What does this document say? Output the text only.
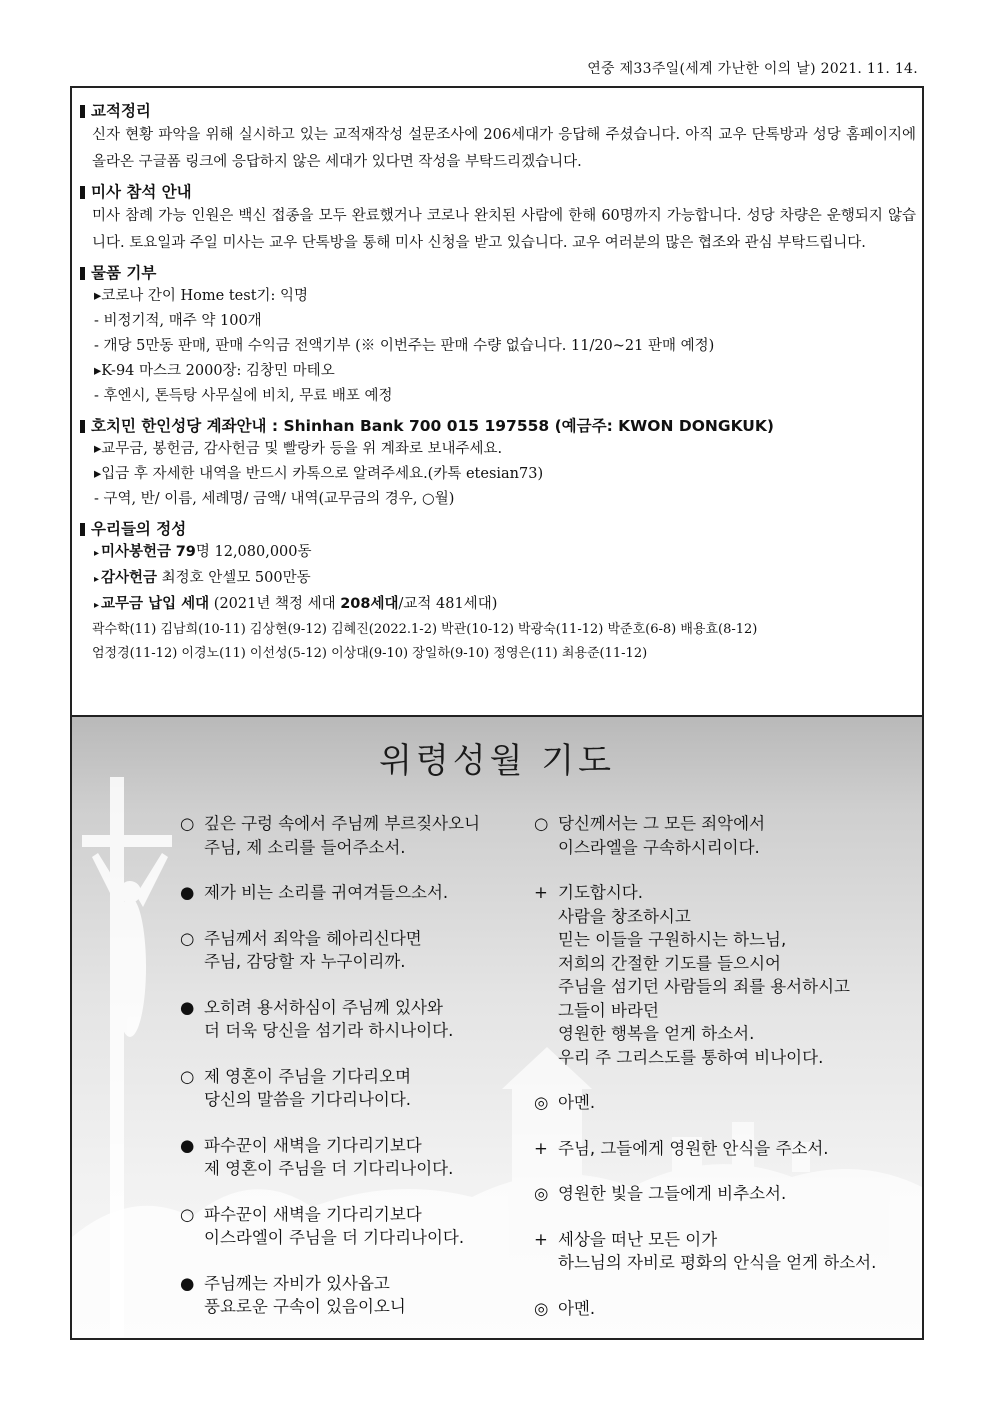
연중 제33주일(세계 가난한 이의 날) 2021. 11. 14.
교적정리
신자 현황 파악을 위해 실시하고 있는 교적재작성 설문조사에 206세대가 응답해 주셨습니다. 아직 교우 단톡방과 성당 홈페이지에 올라온 구글폼 링크에 응답하지 않은 세대가 있다면 작성을 부탁드리겠습니다.
미사 참석 안내
미사 참례 가능 인원은 백신 접종을 모두 완료했거나 코로나 완치된 사람에 한해 60명까지 가능합니다. 성당 차량은 운행되지 않습니다. 토요일과 주일 미사는 교우 단톡방을 통해 미사 신청을 받고 있습니다. 교우 여러분의 많은 협조와 관심 부탁드립니다.
물품 기부
▸코로나 간이 Home test기: 익명
- 비정기적, 매주 약 100개
- 개당 5만동 판매, 판매 수익금 전액기부 (※ 이번주는 판매 수량 없습니다. 11/20~21 판매 예정)
▸K-94 마스크 2000장: 김창민 마테오
- 후엔시, 톤득탕 사무실에 비치, 무료 배포 예정
호치민 한인성당 계좌안내 : Shinhan Bank 700 015 197558 (예금주: KWON DONGKUK)
▸교무금, 봉헌금, 감사헌금 및 빨랑카 등을 위 계좌로 보내주세요.
▸입금 후 자세한 내역을 반드시 카톡으로 알려주세요.(카톡 etesian73)
- 구역, 반/ 이름, 세례명/ 금액/ 내역(교무금의 경우, ○월)
우리들의 정성
▸ 미사봉헌금 79명 12,080,000동
▸ 감사헌금 최정호 안셀모 500만동
▸ 교무금 납입 세대 (2021년 책정 세대 208세대/교적 481세대)
곽수학(11) 김남희(10-11) 김상현(9-12) 김혜진(2022.1-2) 박관(10-12) 박광숙(11-12) 박준호(6-8) 배용효(8-12)
엄정경(11-12) 이경노(11) 이선성(5-12) 이상대(9-10) 장일하(9-10) 정영은(11) 최용준(11-12)
위령성월 기도
○ 깊은 구렁 속에서 주님께 부르짖사오니
주님, 제 소리를 들어주소서.
● 제가 비는 소리를 귀여겨들으소서.
○ 주님께서 죄악을 헤아리신다면
주님, 감당할 자 누구이리까.
● 오히려 용서하심이 주님께 있사와
더 더욱 당신을 섬기라 하시나이다.
○ 제 영혼이 주님을 기다리오며
당신의 말씀을 기다리나이다.
● 파수꾼이 새벽을 기다리기보다
제 영혼이 주님을 더 기다리나이다.
○ 파수꾼이 새벽을 기다리기보다
이스라엘이 주님을 더 기다리나이다.
● 주님께는 자비가 있사옵고
풍요로운 구속이 있음이오니
○ 당신께서는 그 모든 죄악에서
이스라엘을 구속하시리이다.
+ 기도합시다.
사람을 창조하시고
믿는 이들을 구원하시는 하느님,
저희의 간절한 기도를 들으시어
주님을 섬기던 사람들의 죄를 용서하시고
그들이 바라던
영원한 행복을 얻게 하소서.
우리 주 그리스도를 통하여 비나이다.
◎ 아멘.
+ 주님, 그들에게 영원한 안식을 주소서.
◎ 영원한 빛을 그들에게 비추소서.
+ 세상을 떠난 모든 이가
하느님의 자비로 평화의 안식을 얻게 하소서.
◎ 아멘.
